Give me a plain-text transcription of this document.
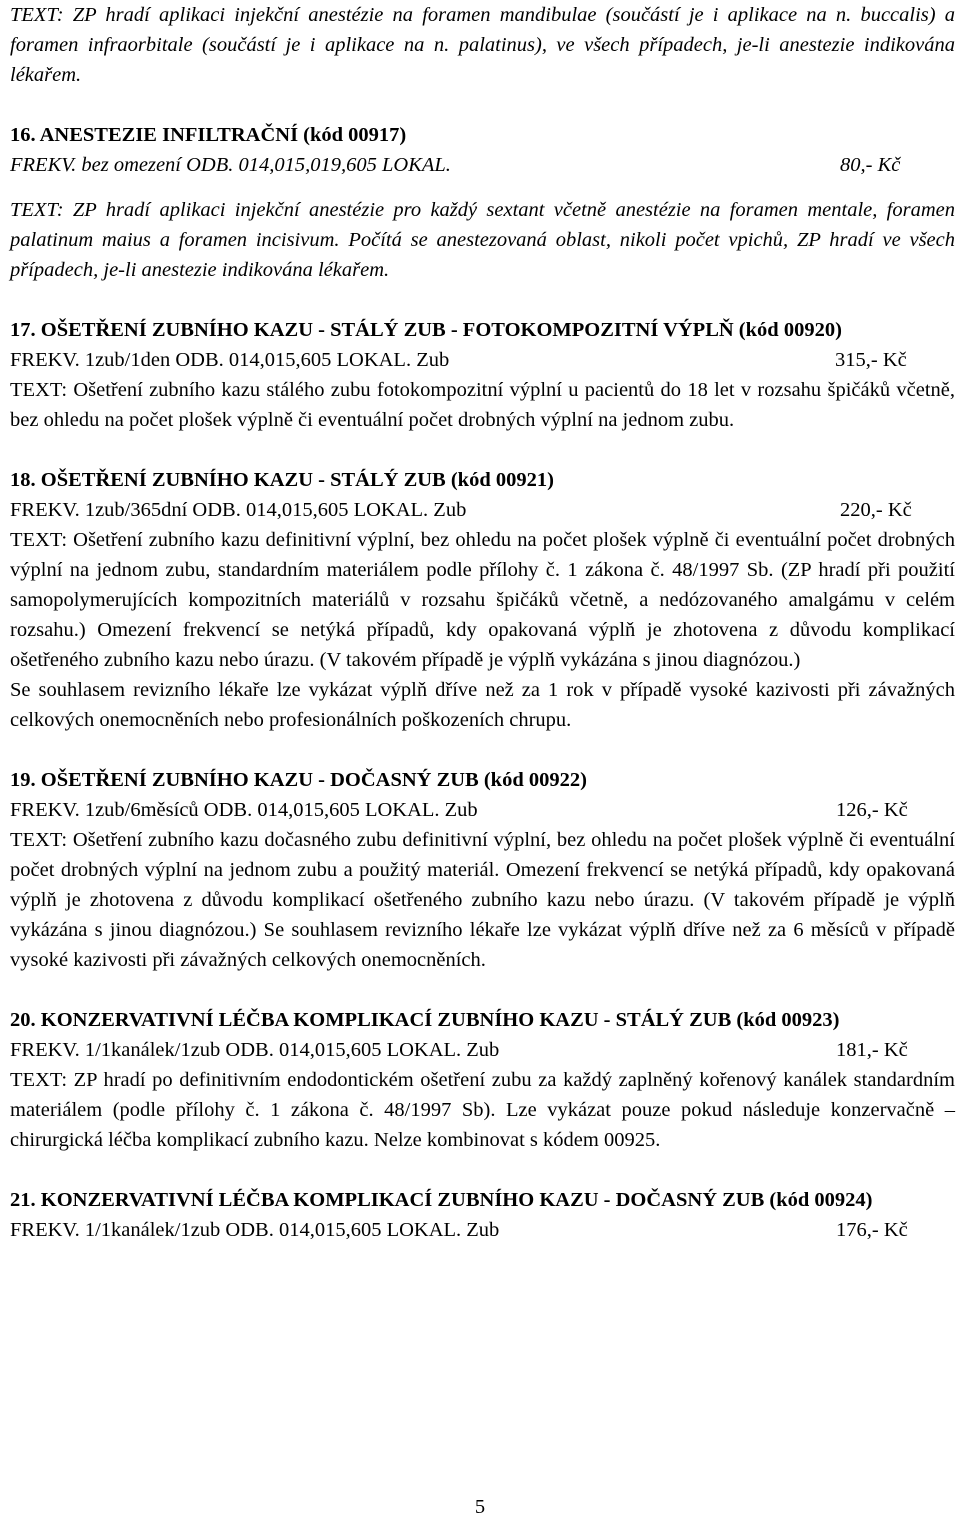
TEXT: ZP hradí aplikaci injekční anestézie na foramen mandibulae (součástí je i aplikace na n. buccalis) a foramen infraorbitale (součástí je i aplikace na n. palatinus), ve všech případech, je-li anestezie indikována lékařem.

16. ANESTEZIE INFILTRAČNÍ (kód 00917)
FREKV. bez omezení ODB. 014,015,019,605 LOKAL.	80,- Kč

TEXT: ZP hradí aplikaci injekční anestézie pro každý sextant včetně anestézie na foramen mentale, foramen palatinum maius a foramen incisivum. Počítá se anestezovaná oblast, nikoli počet vpichů, ZP hradí ve všech případech, je-li anestezie indikována lékařem.

17. OŠETŘENÍ ZUBNÍHO KAZU - STÁLÝ ZUB - FOTOKOMPOZITNÍ VÝPLŇ (kód 00920)
FREKV. 1zub/1den ODB. 014,015,605 LOKAL. Zub	315,- Kč

TEXT: Ošetření zubního kazu stálého zubu fotokompozitní výplní u pacientů do 18 let v rozsahu špičáků včetně, bez ohledu na počet plošek výplně či eventuální počet drobných výplní na jednom zubu.

18. OŠETŘENÍ ZUBNÍHO KAZU - STÁLÝ ZUB (kód 00921)
FREKV. 1zub/365dní ODB. 014,015,605 LOKAL. Zub	220,- Kč

TEXT: Ošetření zubního kazu definitivní výplní, bez ohledu na počet plošek výplně či eventuální počet drobných výplní na jednom zubu, standardním materiálem podle přílohy č. 1 zákona č. 48/1997 Sb. (ZP hradí při použití samopolymerujících kompozitních materiálů v rozsahu špičáků včetně, a nedózovaného amalgámu v celém rozsahu.) Omezení frekvencí se netýká případů, kdy opakovaná výplň je zhotovena z důvodu komplikací ošetřeného zubního kazu nebo úrazu. (V takovém případě je výplň vykázána s jinou diagnózou.)

Se souhlasem revizního lékaře lze vykázat výplň dříve než za 1 rok v případě vysoké kazivosti při závažných celkových onemocněních nebo profesionálních poškozeních chrupu.

19. OŠETŘENÍ ZUBNÍHO KAZU - DOČASNÝ ZUB (kód 00922)
FREKV. 1zub/6měsíců ODB. 014,015,605 LOKAL. Zub	126,- Kč

TEXT: Ošetření zubního kazu dočasného zubu definitivní výplní, bez ohledu na počet plošek výplně či eventuální počet drobných výplní na jednom zubu a použitý materiál. Omezení frekvencí se netýká případů, kdy opakovaná výplň je zhotovena z důvodu komplikací ošetřeného zubního kazu nebo úrazu. (V takovém případě je výplň vykázána s jinou diagnózou.) Se souhlasem revizního lékaře lze vykázat výplň dříve než za 6 měsíců v případě vysoké kazivosti při závažných celkových onemocněních.

20. KONZERVATIVNÍ LÉČBA KOMPLIKACÍ ZUBNÍHO KAZU - STÁLÝ ZUB (kód 00923)
FREKV. 1/1kanálek/1zub ODB. 014,015,605 LOKAL. Zub	181,- Kč

TEXT: ZP hradí po definitivním endodontickém ošetření zubu za každý zaplněný kořenový kanálek standardním materiálem (podle přílohy č. 1 zákona č. 48/1997 Sb). Lze vykázat pouze pokud následuje konzervačně – chirurgická léčba komplikací zubního kazu. Nelze kombinovat s kódem 00925.

21. KONZERVATIVNÍ LÉČBA KOMPLIKACÍ ZUBNÍHO KAZU - DOČASNÝ ZUB (kód 00924)
FREKV. 1/1kanálek/1zub ODB. 014,015,605 LOKAL. Zub	176,- Kč
5
